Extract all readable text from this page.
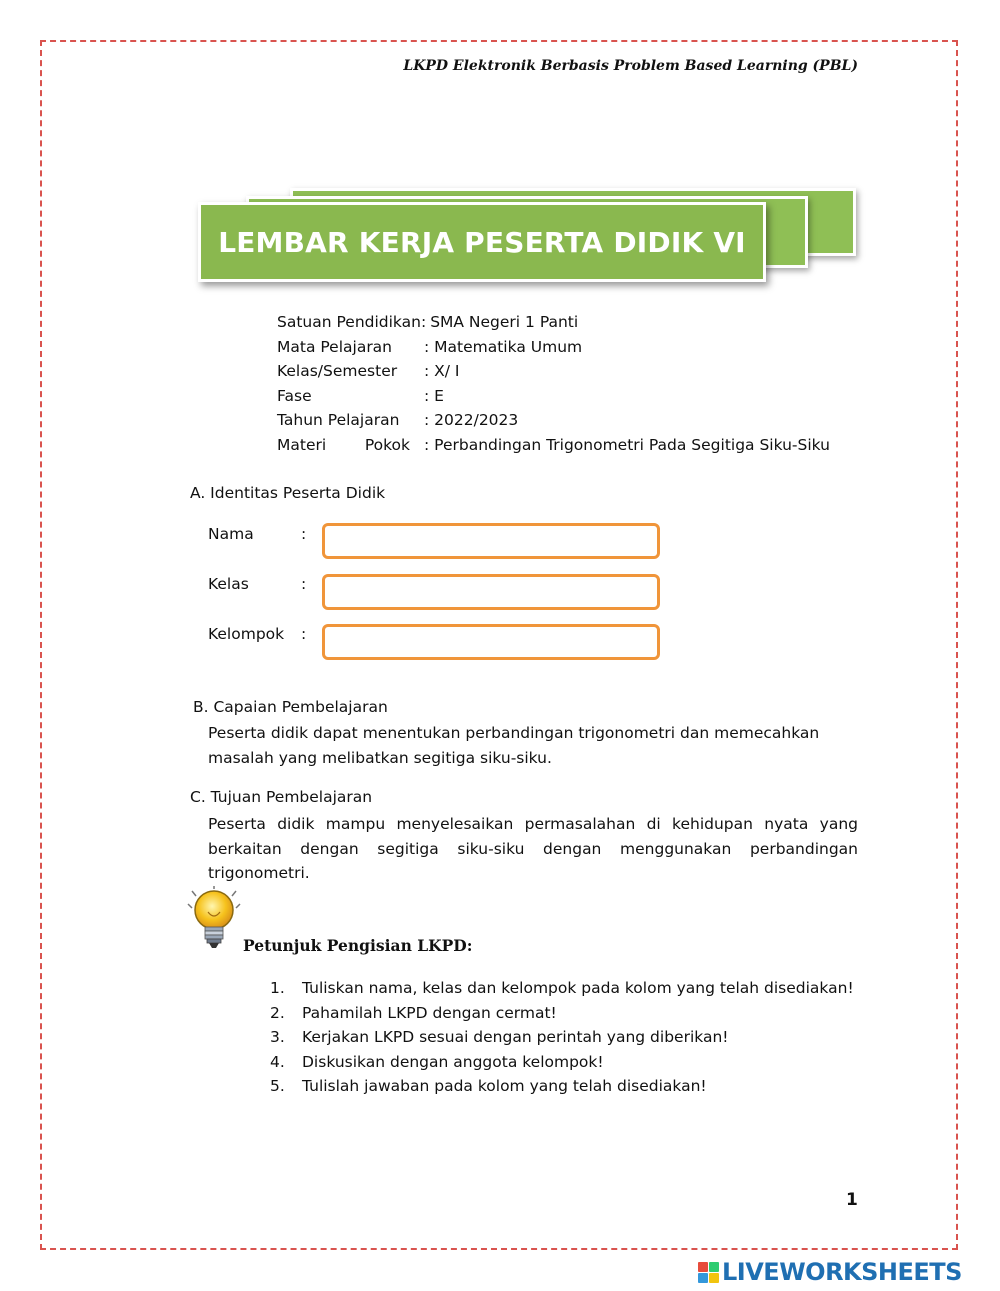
LKPD Elektronik Berbasis Problem Based Learning (PBL)
LEMBAR KERJA PESERTA DIDIK VI
Satuan Pendidikan: SMA Negeri 1 Panti
Mata Pelajaran	: Matematika Umum
Kelas/Semester	: X/ I
Fase	: E
Tahun Pelajaran	: 2022/2023
Materi Pokok : Perbandingan Trigonometri Pada Segitiga Siku-Siku
A. Identitas Peserta Didik
Nama	:
Kelas	:
Kelompok :
B. Capaian Pembelajaran
Peserta didik dapat menentukan perbandingan trigonometri dan memecahkan masalah yang melibatkan segitiga siku-siku.
C. Tujuan Pembelajaran
Peserta didik mampu menyelesaikan permasalahan di kehidupan nyata yang berkaitan dengan segitiga siku-siku dengan menggunakan perbandingan trigonometri.
Petunjuk Pengisian LKPD:
1.	Tuliskan nama, kelas dan kelompok pada kolom yang telah disediakan!
2.	Pahamilah LKPD dengan cermat!
3.	Kerjakan LKPD sesuai dengan perintah yang diberikan!
4.	Diskusikan dengan anggota kelompok!
5.	Tulislah jawaban pada kolom yang telah disediakan!
1
LIVEWORKSHEETS
